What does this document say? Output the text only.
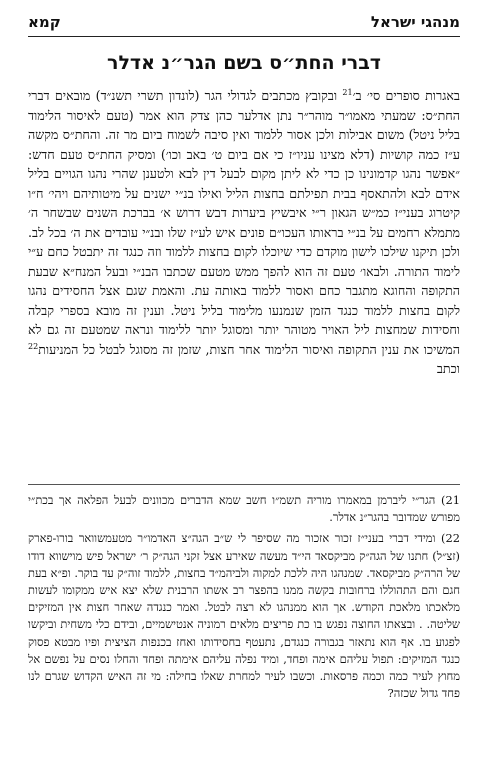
מנהגי ישראל
קמא
דברי החת״ס בשם הגר״נ אדלר

באגרות סופרים סי׳ ב׳$^{21}$ ובקובץ מכתבים לגדולי הגר (לונדון תשרי תשנ״ד) מובאים דברי החת״ס: שמעתי מאמו״ר מוהר״ר נתן אדלער כהן צדק הוא אמר (טעם לאיסור הלימוד בליל ניטל) משום אבילות ולכן אסור ללמוד ואין סיבה לשמוח ביום מר זה. והחת״ס מקשה ע״ז כמה קושיות (דלא מצינו עניו״ז כי אם ביום ט׳ באב וכו׳) ומסיק החת״ס טעם חדש: ״אפשר נהגו קדמונינו כן כדי לא ליתן מקום לבעל דין לבא ולטענן שהרי נהגו הגויים בליל אידם לבא ולהתאסף בבית תפילתם בחצות הליל ואילו בנ״י ישנים על מיטותיהם ויהי׳ ח״ו קיטרוג בעני״ז כמ״ש הגאון ר״י איבשיץ ביערות דבש דרוש א׳ בברכת השנים שבשחר ה׳ מתמלא רחמים על בנ״י בראותו העכו״ם פונים איש לע״ז שלו ובנ״י עובדים את ה׳ בכל לב. ולכן תיקנו שילכו לישון מוקדם כדי שיוכלו לקום בחצות ללמוד וזה כנגד זה יתבטל כחם ע״י לימוד התורה. ולבאו׳ טעם זה הוא להפך ממש מטעם שכתבו הבנ״י ובעל המנח״א שבעת התקופה והחוגא מתגבר כחם ואסור ללמוד באותה עת. והאמת שגם אצל החסידים נהגו לקום בחצות ללמוד כנגד הזמן שנמנעו מלימוד בליל ניטל. וענין זה מובא בספרי קבלה וחסידות שמחצות ליל האויר מטוהר יותר ומסוגל יותר ללימוד ונראה שמטעם זה גם לא המשיכו את ענין התקופה ואיסור הלימוד אחר חצות, שזמן זה מסוגל לבטל כל המניעות$^{22}$ וכתב

21) הגר״י ליברמן במאמרו מוריה תשמ״ו חשב שמא הדברים מכוונים לבעל הפלאה אך בכת״י מפורש שמדובר בהגר״נ אדלר.

22) ומידי דברי בעני״ז זכור אזכור מה שסיפר לי ש״ב הגה״צ האדמו״ר מטעמשוואר בורו-פארק (זצ״ל) חתנו של הגה״ק מביקסאד הי״ד מעשה שאירע אצל זקני הגה״ק ר׳ ישראל פיש מוישווא דודו של הרה״ק מביקסאד. שמנהגו היה ללכת למקוה ולביהמ״ד בחצות, ללמוד זוה״ק עד בוקר. ופ״א בעת חגם והם התהוללו ברחובות בקשה ממנו בהפצר רב אשתו הרבנית שלא יצא איש ממקומו לעשות מלאכתו מלאכת הקודש. אך הוא ממנהגו לא רצה לבטל. ואמר כנגדה שאחר חצות אין המזיקים שליטה. . ובצאתו החוצה נפגש בו כת פריצים מלאים רמוניה אנטישמיים, ובידם כלי משחית וביקשו לפגוע בו. אף הוא נתאזר בגבורה כנגדם, נתעטף בחסידותו ואחז בכנפות הציצית ופיו מבטא פסוק כנגד המזיקים: תפול עליהם אימה ופחד, ומיד נפלה עליהם אימתה ופחד והחלו נסים על נפשם אל מחוץ לעיר כמה וכמה פרסאות. וכשבו לעיר למחרת שאלו בחילה: מי זה האיש הקדוש שגרם לנו פחד גדול שכזה?
